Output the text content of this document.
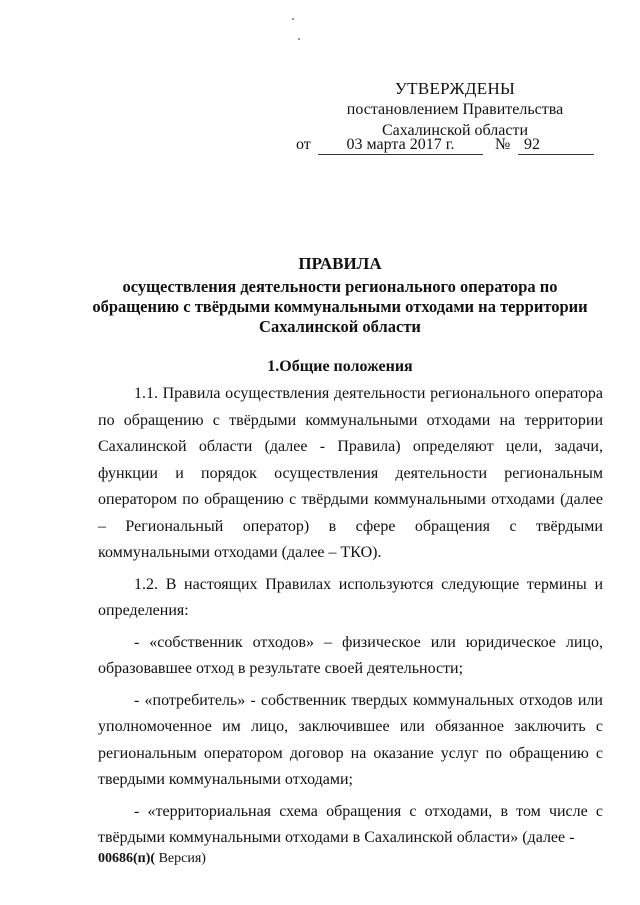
УТВЕРЖДЕНЫ
постановлением Правительства
Сахалинской области
от	03 марта 2017 г.	№ 92
ПРАВИЛА
осуществления деятельности регионального оператора по
обращению с твёрдыми коммунальными отходами на территории
Сахалинской области
1.Общие положения

1.1. Правила осуществления деятельности регионального оператора по обращению с твёрдыми коммунальными отходами на территории Сахалинской области (далее - Правила) определяют цели, задачи, функции и порядок осуществления деятельности региональным оператором по обращению с твёрдыми коммунальными отходами (далее – Региональный оператор) в сфере обращения с твёрдыми коммунальными отходами (далее – ТКО).

1.2. В настоящих Правилах используются следующие термины и определения:

- «собственник отходов» – физическое или юридическое лицо, образовавшее отход в результате своей деятельности;

- «потребитель» - собственник твердых коммунальных отходов или уполномоченное им лицо, заключившее или обязанное заключить с региональным оператором договор на оказание услуг по обращению с твердыми коммунальными отходами;

- «территориальная схема обращения с отходами, в том числе с твёрдыми коммунальными отходами в Сахалинской области» (далее -

00686(п)( Версия)
